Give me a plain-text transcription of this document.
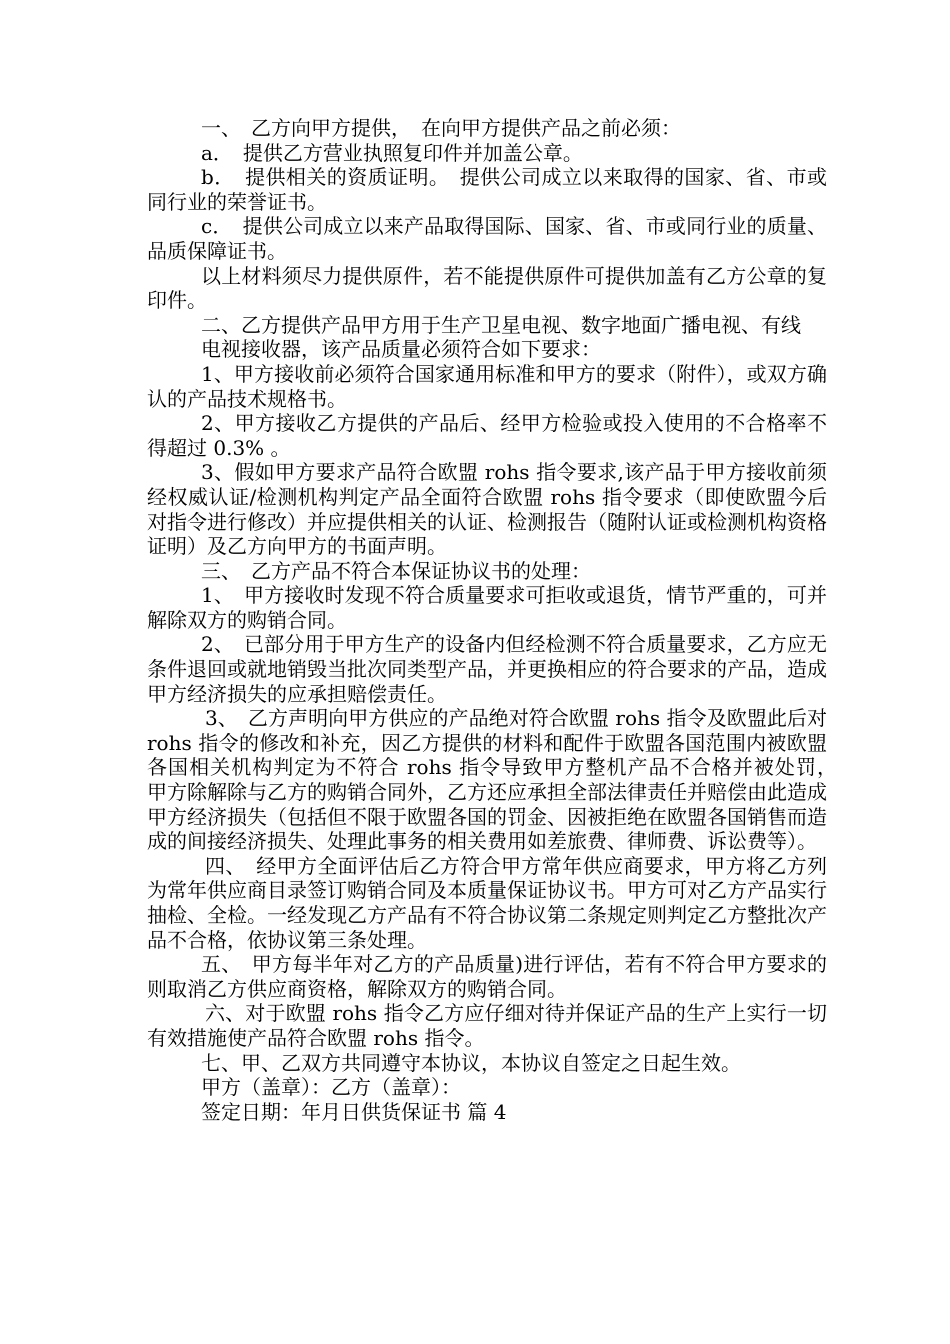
一、　乙方向甲方提供，　在向甲方提供产品之前必须：

a．　提供乙方营业执照复印件并加盖公章。

b．　提供相关的资质证明。　提供公司成立以来取得的国家、省、市或同行业的荣誉证书。

c．　提供公司成立以来产品取得国际、国家、省、市或同行业的质量、品质保障证书。

以上材料须尽力提供原件，若不能提供原件可提供加盖有乙方公章的复印件。

二、乙方提供产品甲方用于生产卫星电视、数字地面广播电视、有线

电视接收器，该产品质量必须符合如下要求：

1、甲方接收前必须符合国家通用标准和甲方的要求（附件），或双方确认的产品技术规格书。

2、甲方接收乙方提供的产品后、经甲方检验或投入使用的不合格率不得超过 0.3% 。

3、假如甲方要求产品符合欧盟 rohs 指令要求,该产品于甲方接收前须经权威认证/检测机构判定产品全面符合欧盟 rohs 指令要求（即使欧盟今后对指令进行修改）并应提供相关的认证、检测报告（随附认证或检测机构资格证明）及乙方向甲方的书面声明。

三、　乙方产品不符合本保证协议书的处理：

1、　甲方接收时发现不符合质量要求可拒收或退货，情节严重的，可并解除双方的购销合同。

2、　已部分用于甲方生产的设备内但经检测不符合质量要求，乙方应无条件退回或就地销毁当批次同类型产品，并更换相应的符合要求的产品，造成甲方经济损失的应承担赔偿责任。

3、　乙方声明向甲方供应的产品绝对符合欧盟 rohs 指令及欧盟此后对 rohs 指令的修改和补充，因乙方提供的材料和配件于欧盟各国范围内被欧盟各国相关机构判定为不符合 rohs 指令导致甲方整机产品不合格并被处罚，　甲方除解除与乙方的购销合同外，乙方还应承担全部法律责任并赔偿由此造成甲方经济损失（包括但不限于欧盟各国的罚金、因被拒绝在欧盟各国销售而造成的间接经济损失、处理此事务的相关费用如差旅费、律师费、诉讼费等）。

四、　经甲方全面评估后乙方符合甲方常年供应商要求，甲方将乙方列为常年供应商目录签订购销合同及本质量保证协议书。甲方可对乙方产品实行抽检、全检。一经发现乙方产品有不符合协议第二条规定则判定乙方整批次产品不合格，依协议第三条处理。

五、　甲方每半年对乙方的产品质量)进行评估，若有不符合甲方要求的则取消乙方供应商资格，解除双方的购销合同。

六、对于欧盟 rohs 指令乙方应仔细对待并保证产品的生产上实行一切有效措施使产品符合欧盟 rohs 指令。

七、甲、乙双方共同遵守本协议，本协议自签定之日起生效。

甲方（盖章）：乙方（盖章）：

签定日期：年月日供货保证书 篇 4
